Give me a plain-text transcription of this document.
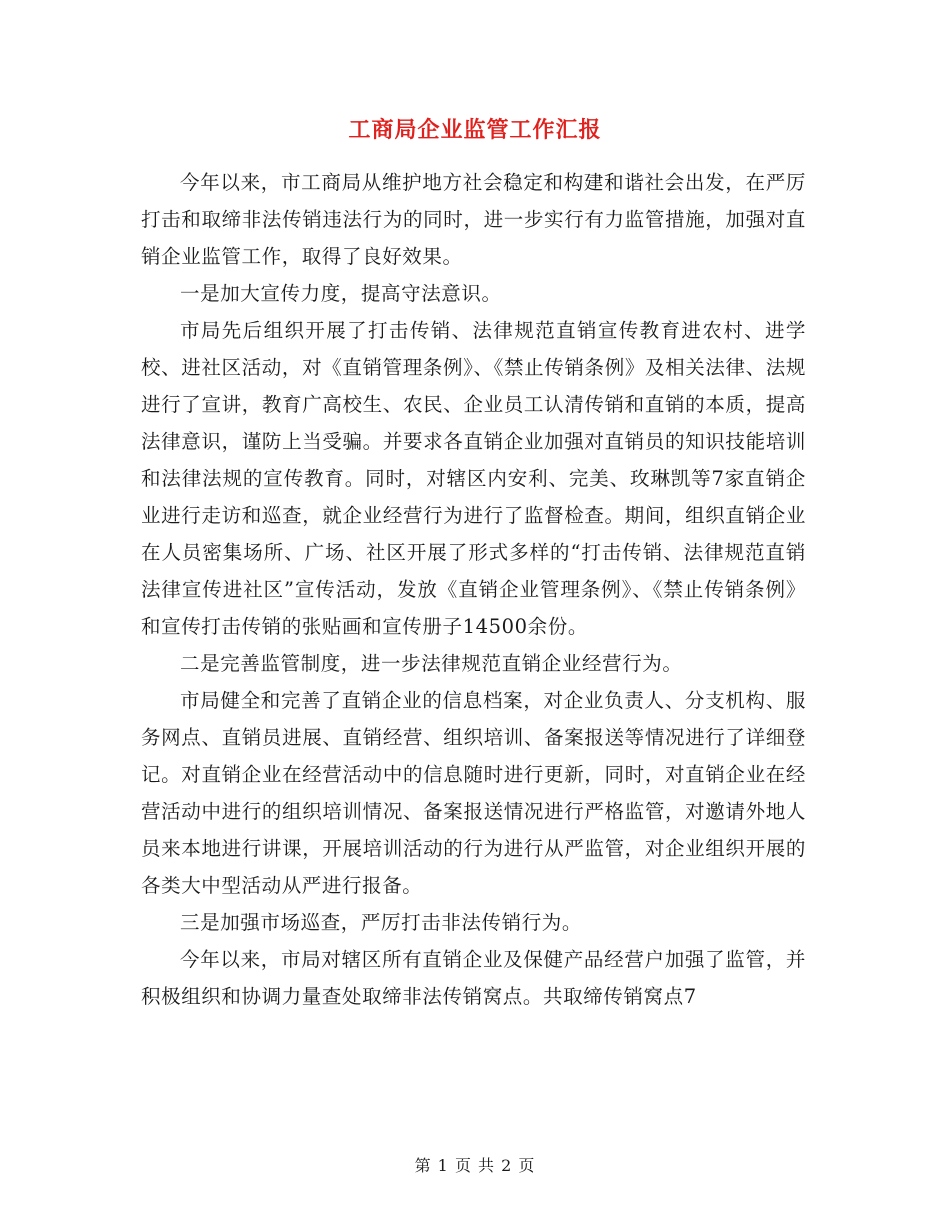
工商局企业监管工作汇报

今年以来，市工商局从维护地方社会稳定和构建和谐社会出发，在严厉打击和取缔非法传销违法行为的同时，进一步实行有力监管措施，加强对直销企业监管工作，取得了良好效果。

一是加大宣传力度，提高守法意识。

市局先后组织开展了打击传销、法律规范直销宣传教育进农村、进学校、进社区活动，对《直销管理条例》、《禁止传销条例》及相关法律、法规进行了宣讲，教育广高校生、农民、企业员工认清传销和直销的本质，提高法律意识，谨防上当受骗。并要求各直销企业加强对直销员的知识技能培训和法律法规的宣传教育。同时，对辖区内安利、完美、玫琳凯等7家直销企业进行走访和巡查，就企业经营行为进行了监督检查。期间，组织直销企业在人员密集场所、广场、社区开展了形式多样的“打击传销、法律规范直销法律宣传进社区”宣传活动，发放《直销企业管理条例》、《禁止传销条例》和宣传打击传销的张贴画和宣传册子14500余份。

二是完善监管制度，进一步法律规范直销企业经营行为。

市局健全和完善了直销企业的信息档案，对企业负责人、分支机构、服务网点、直销员进展、直销经营、组织培训、备案报送等情况进行了详细登记。对直销企业在经营活动中的信息随时进行更新，同时，对直销企业在经营活动中进行的组织培训情况、备案报送情况进行严格监管，对邀请外地人员来本地进行讲课，开展培训活动的行为进行从严监管，对企业组织开展的各类大中型活动从严进行报备。

三是加强市场巡查，严厉打击非法传销行为。

今年以来，市局对辖区所有直销企业及保健产品经营户加强了监管，并积极组织和协调力量查处取缔非法传销窝点。共取缔传销窝点7

第 1 页 共 2 页
